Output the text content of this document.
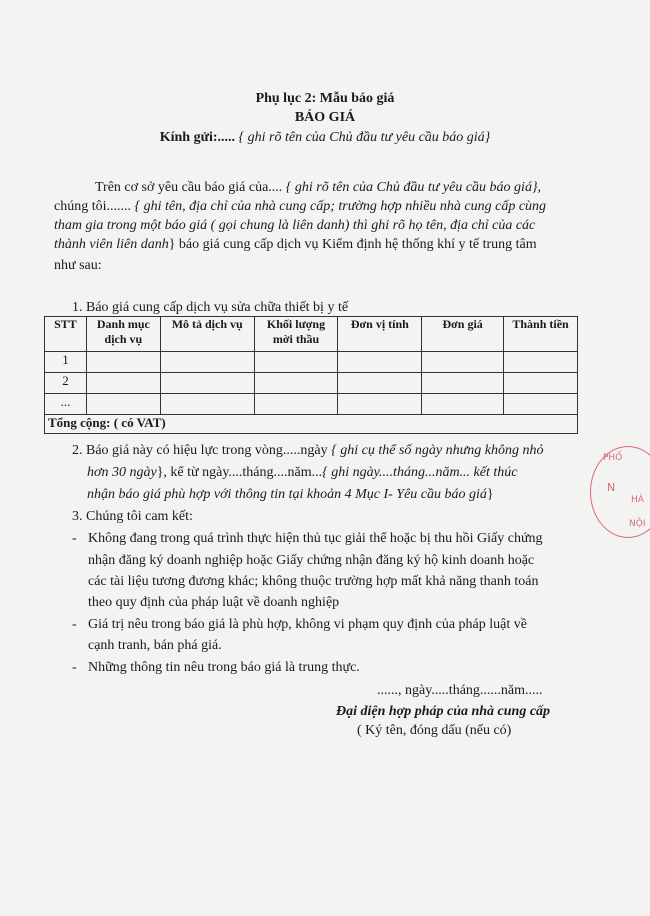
Phụ lục 2: Mẫu báo giá
BÁO GIÁ
Kính gửi:..... { ghi rõ tên của Chủ đầu tư yêu cầu báo giá}
Trên cơ sở yêu cầu báo giá của.... { ghi rõ tên của Chủ đầu tư yêu cầu báo giá},
chúng tôi....... { ghi tên, địa chỉ của nhà cung cấp; trường hợp nhiều nhà cung cấp cùng
tham gia trong một báo giá ( gọi chung là liên danh) thì ghi rõ họ tên, địa chỉ của các
thành viên liên danh} báo giá cung cấp dịch vụ Kiểm định hệ thống khí y tế trung tâm
như sau:
1. Báo giá cung cấp dịch vụ sửa chữa thiết bị y tế
STT	Danh mục dịch vụ	Mô tả dịch vụ	Khối lượng mời thầu	Đơn vị tính	Đơn giá	Thành tiền
1						
2						
...						
Tổng cộng: ( có VAT)						
2. Báo giá này có hiệu lực trong vòng.....ngày { ghi cụ thể số ngày nhưng không nhỏ
hơn 30 ngày}, kể từ ngày....tháng....năm...{ ghi ngày....tháng...năm... kết thúc
nhận báo giá phù hợp với thông tin tại khoản 4 Mục I- Yêu cầu báo giá}
3. Chúng tôi cam kết:
- Không đang trong quá trình thực hiện thủ tục giải thể hoặc bị thu hồi Giấy chứng
nhận đăng ký doanh nghiệp hoặc Giấy chứng nhận đăng ký hộ kinh doanh hoặc
các tài liệu tương đương khác; không thuộc trường hợp mất khả năng thanh toán
theo quy định của pháp luật về doanh nghiệp
- Giá trị nêu trong báo giá là phù hợp, không vi phạm quy định của pháp luật về
cạnh tranh, bán phá giá.
- Những thông tin nêu trong báo giá là trung thực.
......, ngày.....tháng......năm.....
Đại diện hợp pháp của nhà cung cấp
( Ký tên, đóng dấu (nếu có)
PHỐ
N
HÀ
NỘI
